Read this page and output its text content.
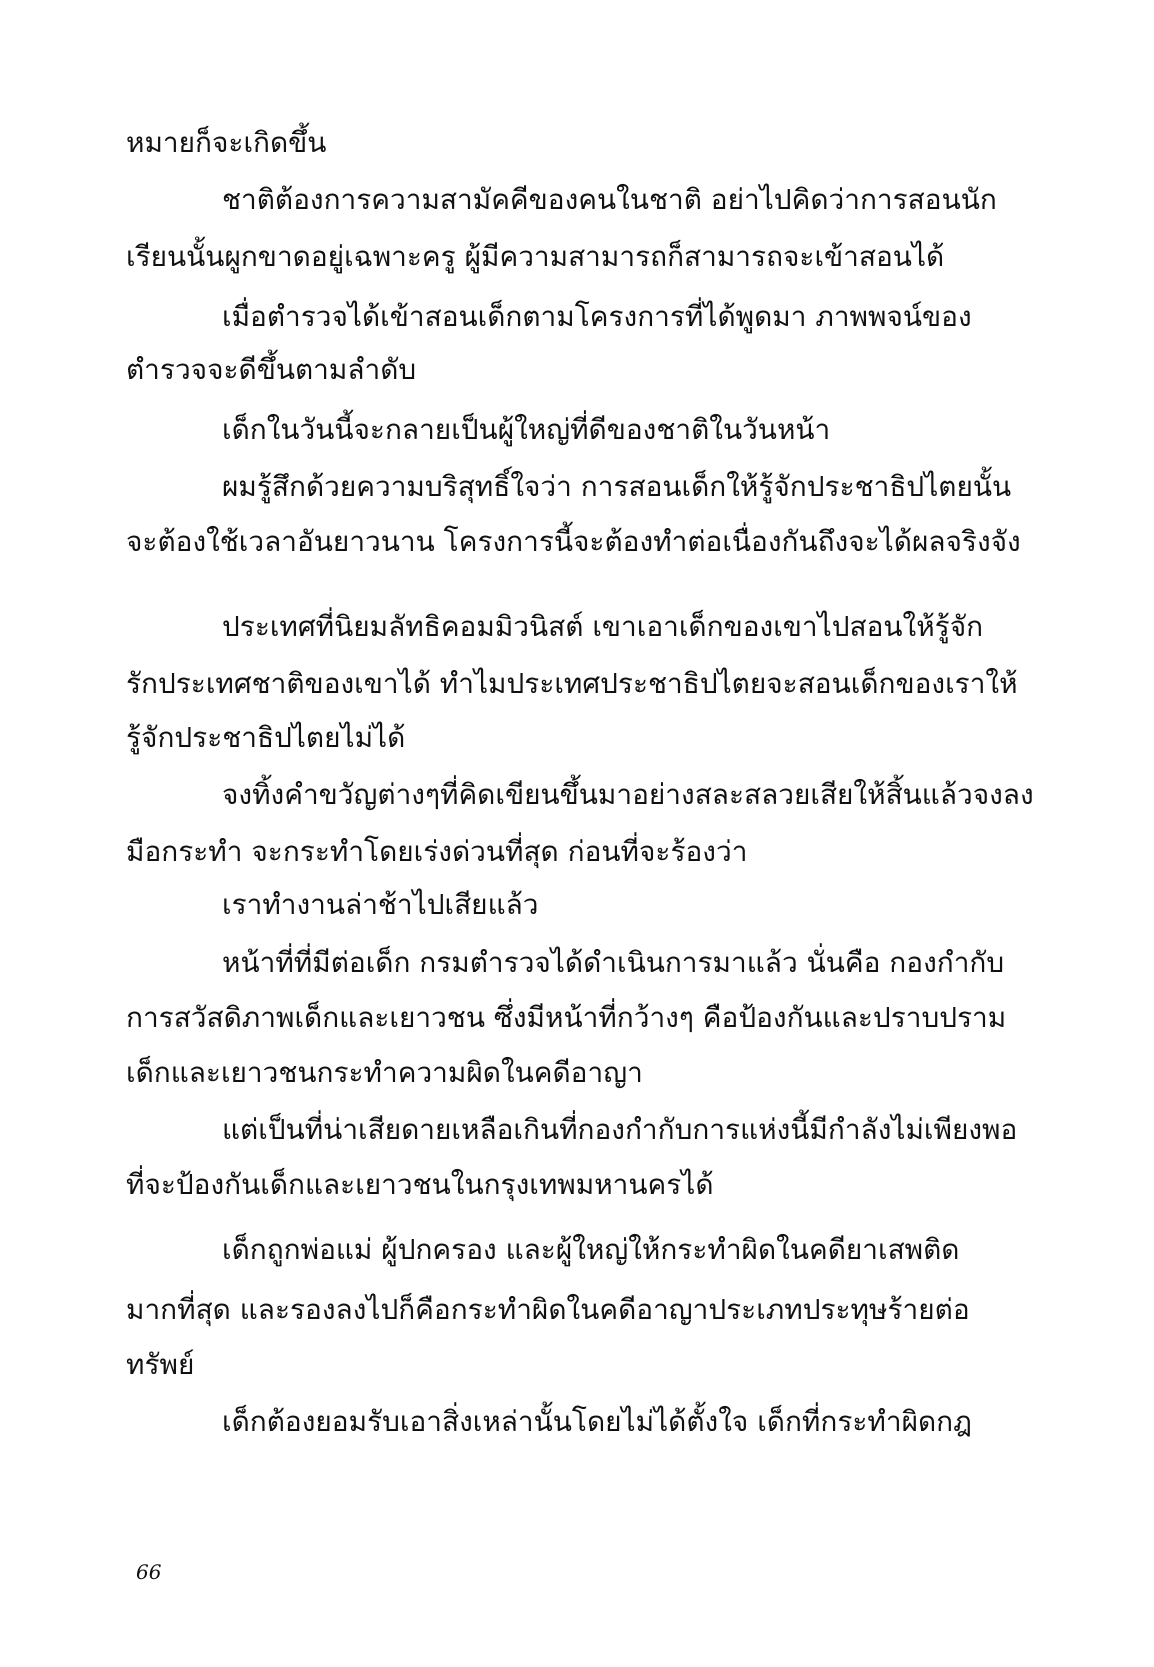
หมายก็จะเกิดขึ้น
ชาติต้องการความสามัคคีของคนในชาติ อย่าไปคิดว่าการสอนนัก
เรียนนั้นผูกขาดอยู่เฉพาะครู ผู้มีความสามารถก็สามารถจะเข้าสอนได้
เมื่อตำรวจได้เข้าสอนเด็กตามโครงการที่ได้พูดมา ภาพพจน์ของ
ตำรวจจะดีขึ้นตามลำดับ
เด็กในวันนี้จะกลายเป็นผู้ใหญ่ที่ดีของชาติในวันหน้า
ผมรู้สึกด้วยความบริสุทธิ์ใจว่า การสอนเด็กให้รู้จักประชาธิปไตยนั้น
จะต้องใช้เวลาอันยาวนาน โครงการนี้จะต้องทำต่อเนื่องกันถึงจะได้ผลจริงจัง
ประเทศที่นิยมลัทธิคอมมิวนิสต์ เขาเอาเด็กของเขาไปสอนให้รู้จัก
รักประเทศชาติของเขาได้ ทำไมประเทศประชาธิปไตยจะสอนเด็กของเราให้
รู้จักประชาธิปไตยไม่ได้
จงทิ้งคำขวัญต่างๆที่คิดเขียนขึ้นมาอย่างสละสลวยเสียให้สิ้นแล้วจงลง
มือกระทำ จะกระทำโดยเร่งด่วนที่สุด ก่อนที่จะร้องว่า
เราทำงานล่าช้าไปเสียแล้ว
หน้าที่ที่มีต่อเด็ก กรมตำรวจได้ดำเนินการมาแล้ว นั่นคือ กองกำกับ
การสวัสดิภาพเด็กและเยาวชน ซึ่งมีหน้าที่กว้างๆ คือป้องกันและปราบปราม
เด็กและเยาวชนกระทำความผิดในคดีอาญา
แต่เป็นที่น่าเสียดายเหลือเกินที่กองกำกับการแห่งนี้มีกำลังไม่เพียงพอ
ที่จะป้องกันเด็กและเยาวชนในกรุงเทพมหานครได้
เด็กถูกพ่อแม่ ผู้ปกครอง และผู้ใหญ่ให้กระทำผิดในคดียาเสพติด
มากที่สุด และรองลงไปก็คือกระทำผิดในคดีอาญาประเภทประทุษร้ายต่อ
ทรัพย์
เด็กต้องยอมรับเอาสิ่งเหล่านั้นโดยไม่ได้ตั้งใจ เด็กที่กระทำผิดกฎ
66
